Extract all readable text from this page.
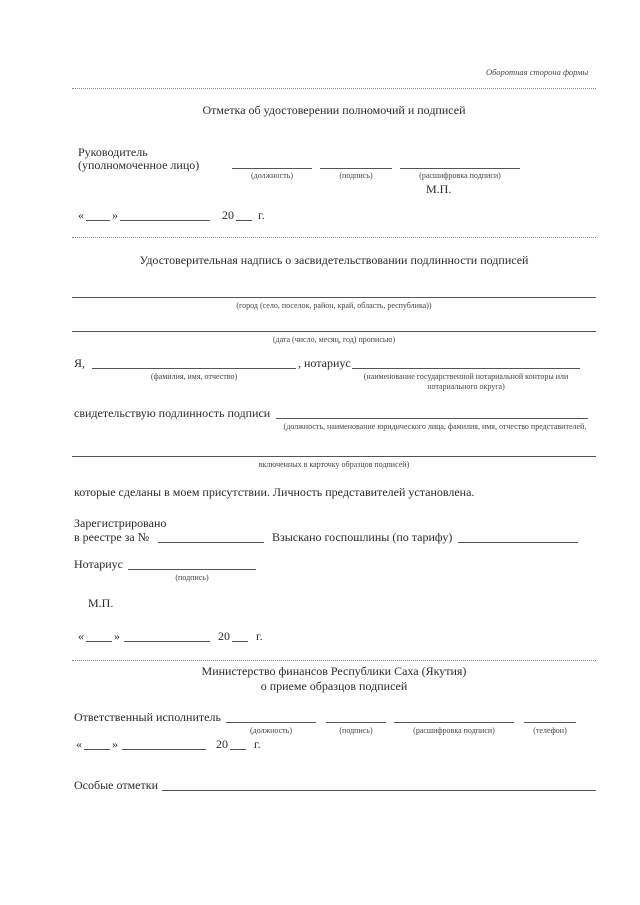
Оборотная сторона формы
Отметка об удостоверении полномочий и подписей
Руководитель
(уполномоченное лицо)
(должность)	(подпись)	(расшифровка подписи)
М.П.
« »	20 г.
Удостоверительная надпись о засвидетельствовании подлинности подписей
(город (село, поселок, район, край, область, республика))
(дата (число, месяц, год) прописью)
Я,	, нотариус
(фамилия, имя, отчество)	(наименование государственной нотариальной конторы или нотариального округа)
свидетельствую подлинность подписи
(должность, наименование юридического лица, фамилия, имя, отчество представителей,
включенных в карточку образцов подписей)
которые сделаны в моем присутствии. Личность представителей установлена.
Зарегистрировано
в реестре за №	Взыскано госпошлины (по тарифу)
Нотариус
(подпись)
М.П.
«	»	20 г.
Министерство финансов Республики Саха (Якутия)
о приеме образцов подписей
Ответственный исполнитель
(должность)	(подпись)	(расшифровка подписи)	(телефон)
«	»	20 г.
Особые отметки
